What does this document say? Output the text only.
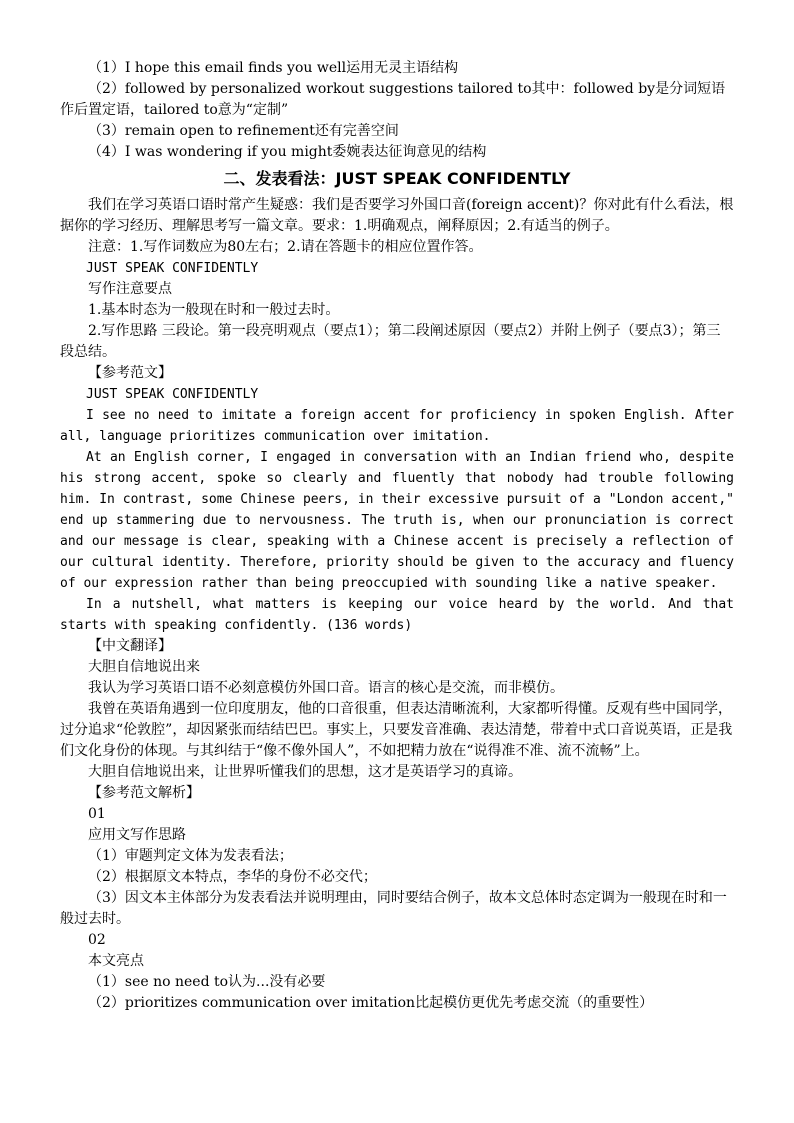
（1）I hope this email finds you well运用无灵主语结构

（2）followed by personalized workout suggestions tailored to其中：followed by是分词短语作后置定语，tailored to意为“定制”

（3）remain open to refinement还有完善空间

（4）I was wondering if you might委婉表达征询意见的结构

二、发表看法：JUST SPEAK CONFIDENTLY

我们在学习英语口语时常产生疑惑：我们是否要学习外国口音(foreign accent)？你对此有什么看法，根据你的学习经历、理解思考写一篇文章。要求：1.明确观点，阐释原因；2.有适当的例子。

注意：1.写作词数应为80左右；2.请在答题卡的相应位置作答。

JUST SPEAK CONFIDENTLY

写作注意要点

1.基本时态为一般现在时和一般过去时。

2.写作思路 三段论。第一段亮明观点（要点1）；第二段阐述原因（要点2）并附上例子（要点3）；第三段总结。

【参考范文】

JUST SPEAK CONFIDENTLY

I see no need to imitate a foreign accent for proficiency in spoken English. After all, language prioritizes communication over imitation.

At an English corner, I engaged in conversation with an Indian friend who, despite his strong accent, spoke so clearly and fluently that nobody had trouble following him. In contrast, some Chinese peers, in their excessive pursuit of a "London accent," end up stammering due to nervousness. The truth is, when our pronunciation is correct and our message is clear, speaking with a Chinese accent is precisely a reflection of our cultural identity. Therefore, priority should be given to the accuracy and fluency of our expression rather than being preoccupied with sounding like a native speaker.

In a nutshell, what matters is keeping our voice heard by the world. And that starts with speaking confidently. (136 words)

【中文翻译】

大胆自信地说出来

我认为学习英语口语不必刻意模仿外国口音。语言的核心是交流，而非模仿。

我曾在英语角遇到一位印度朋友，他的口音很重，但表达清晰流利，大家都听得懂。反观有些中国同学，过分追求“伦敦腔”，却因紧张而结结巴巴。事实上，只要发音准确、表达清楚，带着中式口音说英语，正是我们文化身份的体现。与其纠结于“像不像外国人”，不如把精力放在“说得准不准、流不流畅”上。

大胆自信地说出来，让世界听懂我们的思想，这才是英语学习的真谛。

【参考范文解析】

01

应用文写作思路

（1）审题判定文体为发表看法；

（2）根据原文本特点，李华的身份不必交代；

（3）因文本主体部分为发表看法并说明理由，同时要结合例子，故本文总体时态定调为一般现在时和一般过去时。

02

本文亮点

（1）see no need to认为...没有必要

（2）prioritizes communication over imitation比起模仿更优先考虑交流（的重要性）
